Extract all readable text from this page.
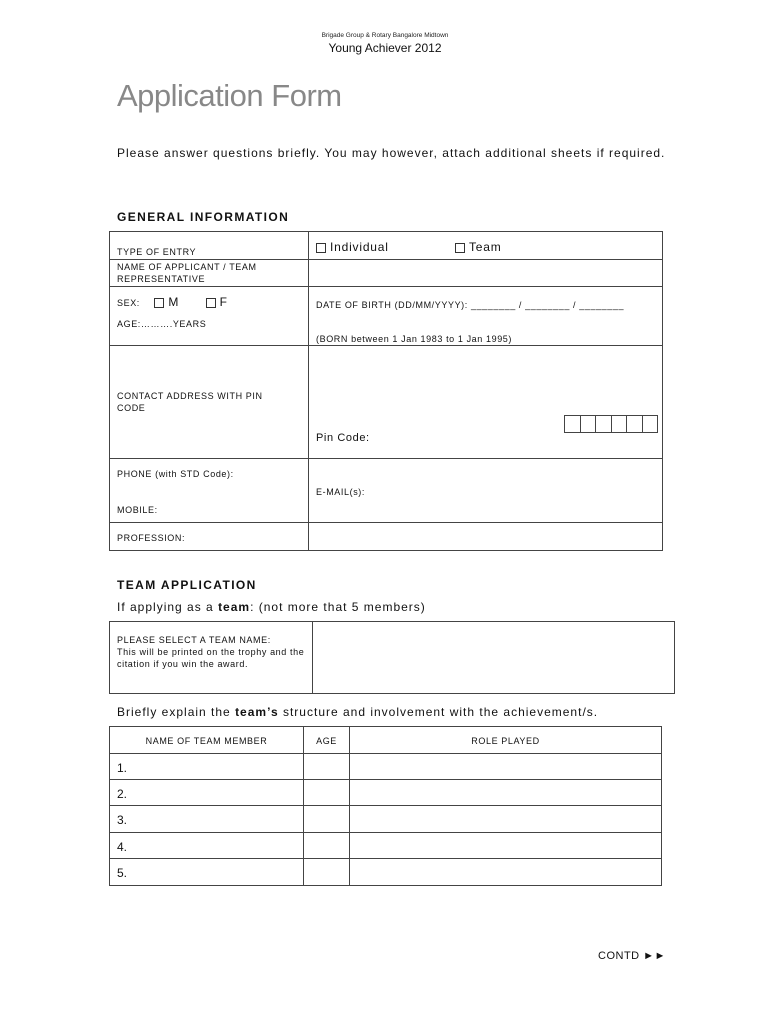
Brigade Group & Rotary Bangalore Midtown
Young Achiever 2012
Application Form
Please answer questions briefly. You may however, attach additional sheets if required.
GENERAL INFORMATION
TYPE OF ENTRY	Individual	Team
NAME OF APPLICANT / TEAM REPRESENTATIVE
SEX: M	F
AGE:……….YEARS
DATE OF BIRTH (DD/MM/YYYY): ________ / ________ / ________
(BORN between 1 Jan 1983 to 1 Jan 1995)
CONTACT ADDRESS WITH PIN CODE
Pin Code:
PHONE (with STD Code):
MOBILE:
E-MAIL(s):
PROFESSION:
TEAM APPLICATION
If applying as a team: (not more that 5 members)
PLEASE SELECT A TEAM NAME:
This will be printed on the trophy and the citation if you win the award.
Briefly explain the team’s structure and involvement with the achievement/s.
NAME OF TEAM MEMBER	AGE	ROLE PLAYED
1.
2.
3.
4.
5.
CONTD ►►
